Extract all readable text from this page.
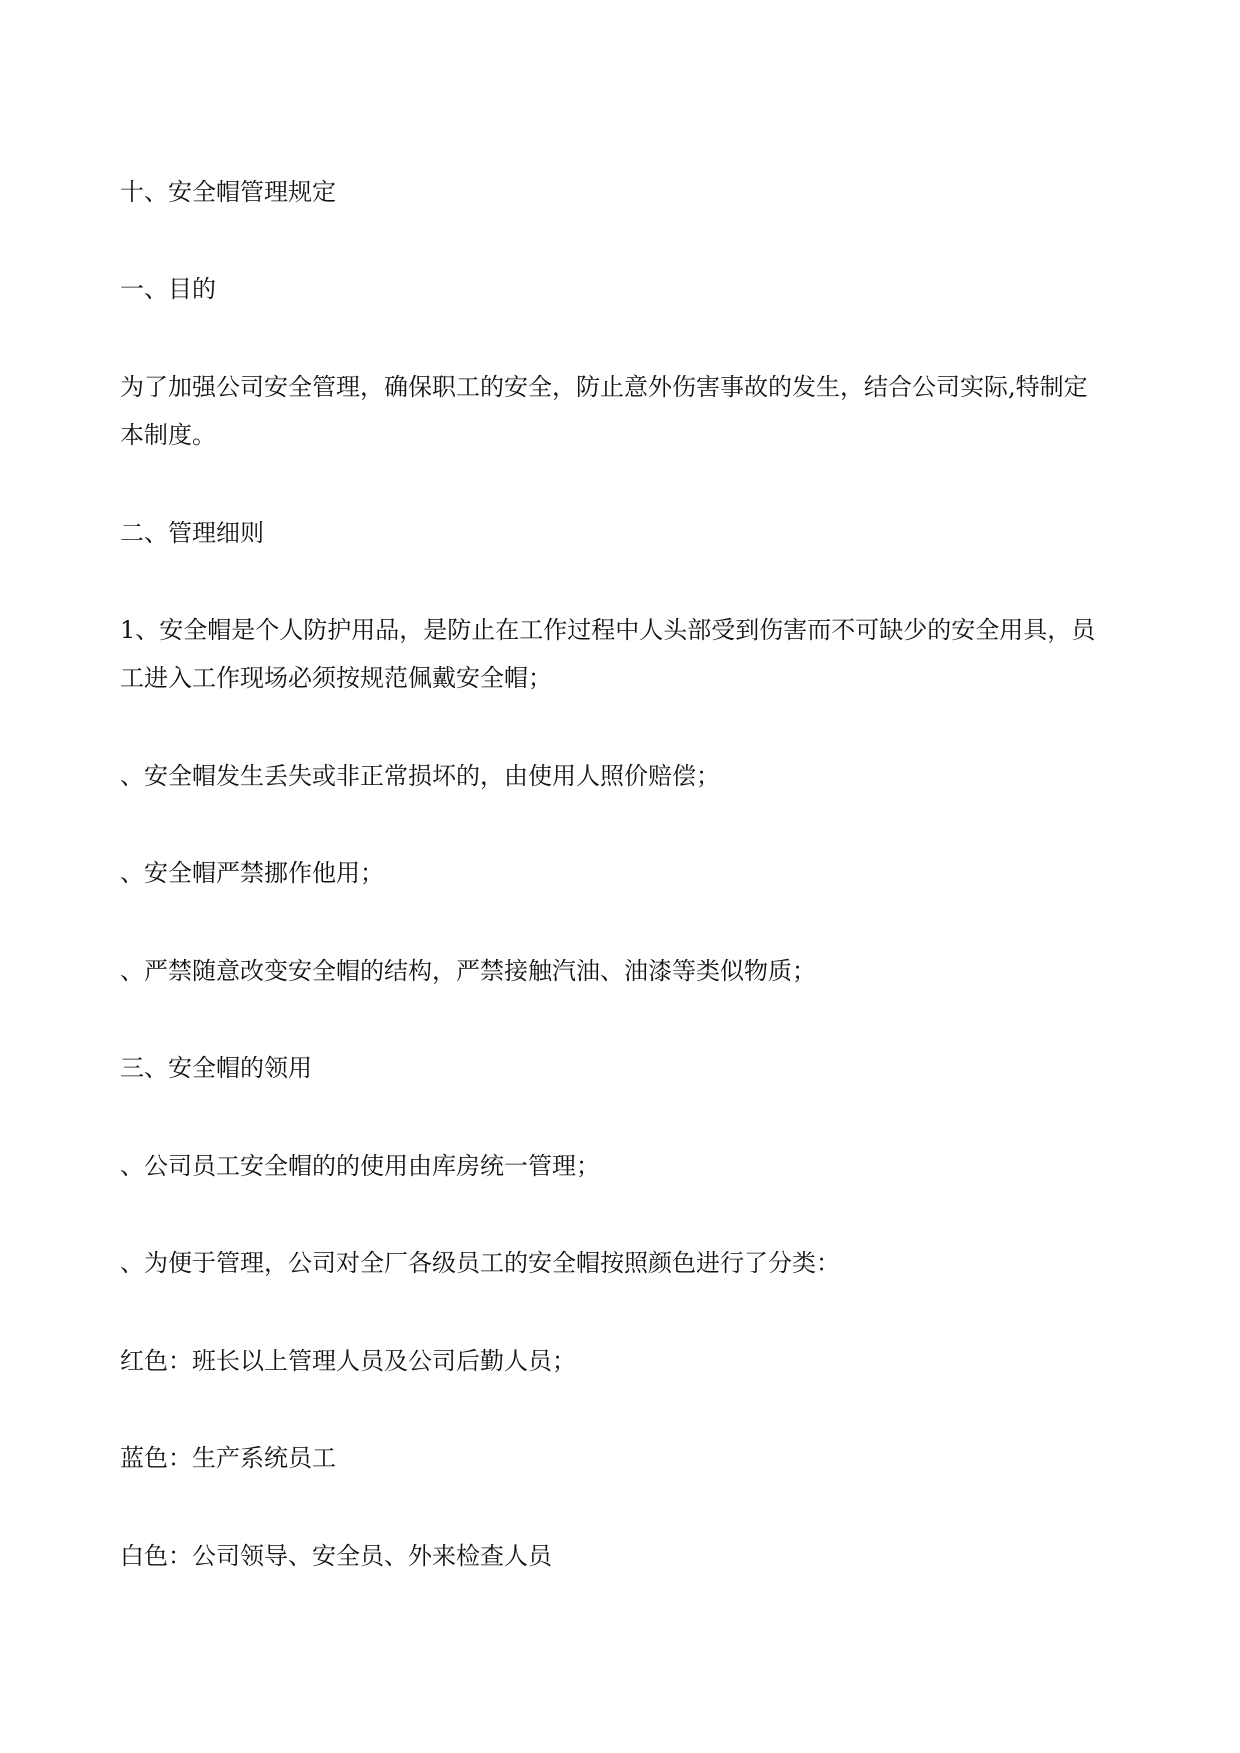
十、安全帽管理规定
一、目的
为了加强公司安全管理，确保职工的安全，防止意外伤害事故的发生，结合公司实际,特制定
本制度。
二、管理细则
1、安全帽是个人防护用品，是防止在工作过程中人头部受到伤害而不可缺少的安全用具，员
工进入工作现场必须按规范佩戴安全帽；
、安全帽发生丢失或非正常损坏的，由使用人照价赔偿；
、安全帽严禁挪作他用；
、严禁随意改变安全帽的结构，严禁接触汽油、油漆等类似物质；
三、安全帽的领用
、公司员工安全帽的的使用由库房统一管理；
、为便于管理，公司对全厂各级员工的安全帽按照颜色进行了分类：
红色：班长以上管理人员及公司后勤人员；
蓝色：生产系统员工
白色：公司领导、安全员、外来检查人员
